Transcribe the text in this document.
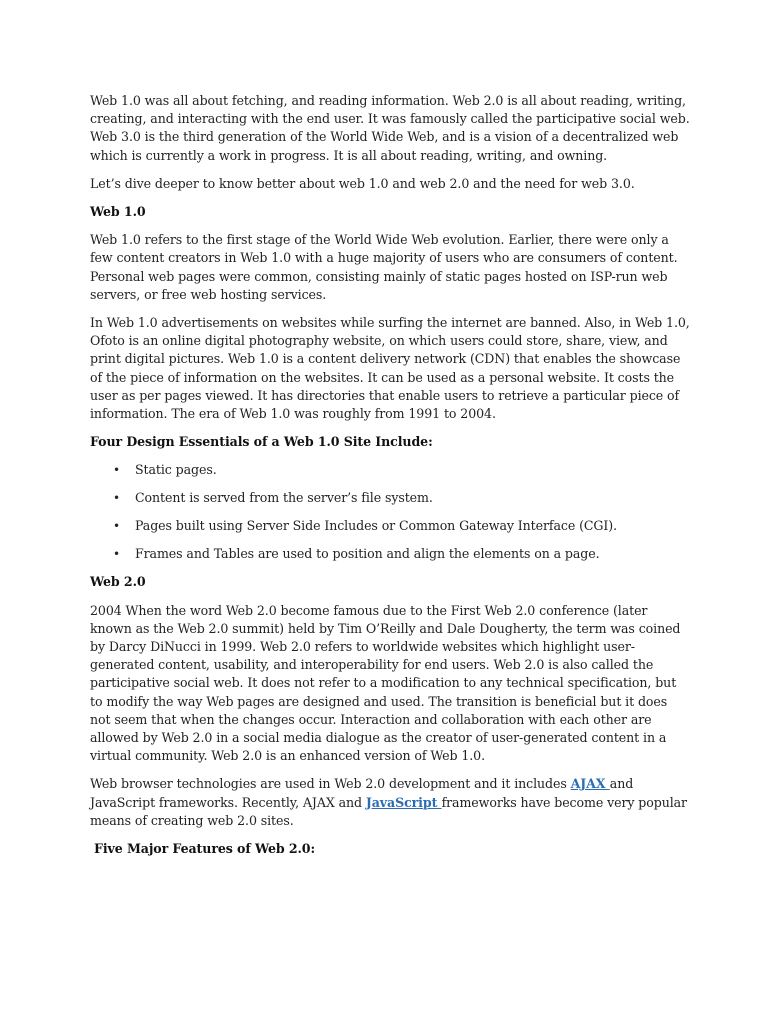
Web 1.0 was all about fetching, and reading information. Web 2.0 is all about reading, writing, creating, and interacting with the end user. It was famously called the participative social web. Web 3.0 is the third generation of the World Wide Web, and is a vision of a decentralized web which is currently a work in progress. It is all about reading, writing, and owning.

Let’s dive deeper to know better about web 1.0 and web 2.0 and the need for web 3.0.

Web 1.0

Web 1.0 refers to the first stage of the World Wide Web evolution. Earlier, there were only a few content creators in Web 1.0 with a huge majority of users who are consumers of content. Personal web pages were common, consisting mainly of static pages hosted on ISP-run web servers, or free web hosting services.

In Web 1.0 advertisements on websites while surfing the internet are banned. Also, in Web 1.0, Ofoto is an online digital photography website, on which users could store, share, view, and print digital pictures. Web 1.0 is a content delivery network (CDN) that enables the showcase of the piece of information on the websites. It can be used as a personal website. It costs the user as per pages viewed. It has directories that enable users to retrieve a particular piece of information. The era of Web 1.0 was roughly from 1991 to 2004.

Four Design Essentials of a Web 1.0 Site Include:

• Static pages.
• Content is served from the server’s file system.
• Pages built using Server Side Includes or Common Gateway Interface (CGI).
• Frames and Tables are used to position and align the elements on a page.

Web 2.0

2004 When the word Web 2.0 become famous due to the First Web 2.0 conference (later known as the Web 2.0 summit) held by Tim O’Reilly and Dale Dougherty, the term was coined by Darcy DiNucci in 1999. Web 2.0 refers to worldwide websites which highlight user-generated content, usability, and interoperability for end users. Web 2.0 is also called the participative social web. It does not refer to a modification to any technical specification, but to modify the way Web pages are designed and used. The transition is beneficial but it does not seem that when the changes occur. Interaction and collaboration with each other are allowed by Web 2.0 in a social media dialogue as the creator of user-generated content in a virtual community. Web 2.0 is an enhanced version of Web 1.0.

Web browser technologies are used in Web 2.0 development and it includes AJAX and JavaScript frameworks. Recently, AJAX and JavaScript frameworks have become very popular means of creating web 2.0 sites.

Five Major Features of Web 2.0:
